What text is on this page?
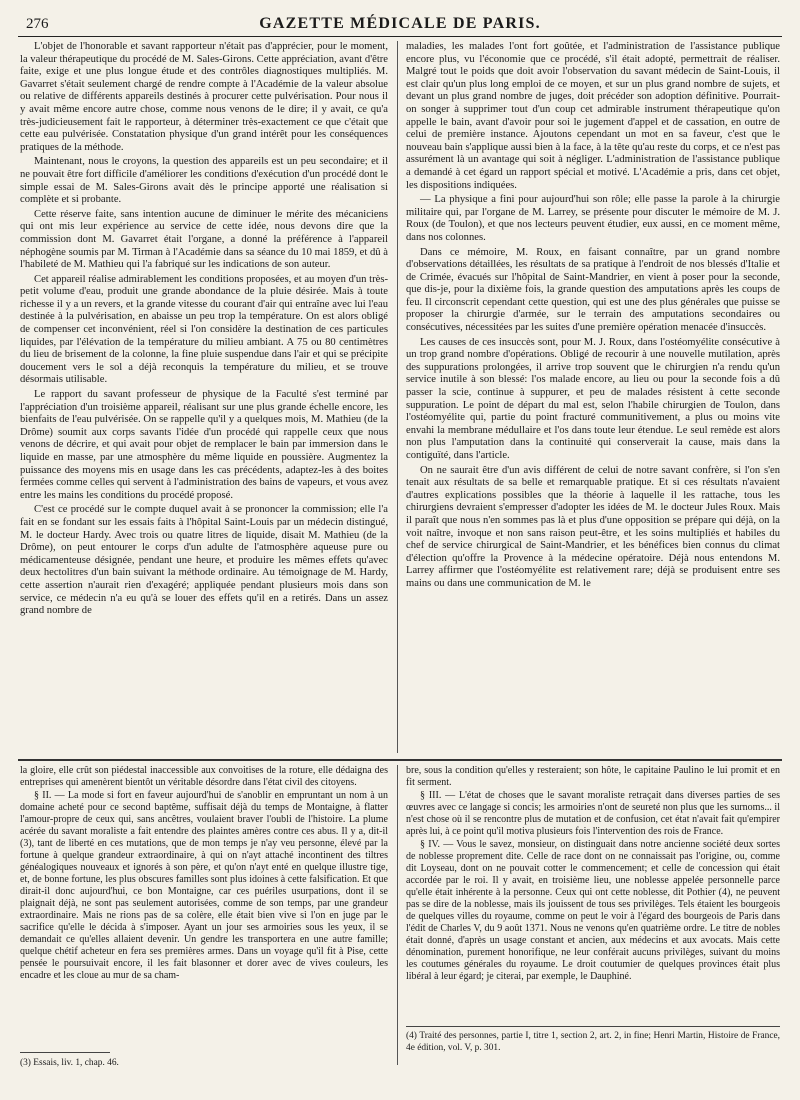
276	GAZETTE MÉDICALE DE PARIS.

L'objet de l'honorable et savant rapporteur n'était pas d'apprécier, pour le moment, la valeur thérapeutique du procédé de M. Sales-Girons. Cette appréciation, avant d'être faite, exige et une plus longue étude et des contrôles diagnostiques multipliés. M. Gavarret s'était seulement chargé de rendre compte à l'Académie de la valeur absolue ou relative de différents appareils destinés à procurer cette pulvérisation. Pour nous il y avait même encore autre chose, comme nous venons de le dire; il y avait, ce qu'a très-judicieusement fait le rapporteur, à déterminer très-exactement ce que c'était que cette eau pulvérisée. Constatation physique d'un grand intérêt pour les conséquences pratiques de la méthode.

Maintenant, nous le croyons, la question des appareils est un peu secondaire; et il ne pouvait être fort difficile d'améliorer les conditions d'exécution d'un procédé dont le simple essai de M. Sales-Girons avait dès le principe apporté une réalisation si complète et si probante.

Cette réserve faite, sans intention aucune de diminuer le mérite des mécaniciens qui ont mis leur expérience au service de cette idée, nous devons dire que la commission dont M. Gavarret était l'organe, a donné la préférence à l'appareil néphogène soumis par M. Tirman à l'Académie dans sa séance du 10 mai 1859, et dû à l'habileté de M. Mathieu qui l'a fabriqué sur les indications de son auteur.

Cet appareil réalise admirablement les conditions proposées, et au moyen d'un très-petit volume d'eau, produit une grande abondance de la pluie désirée. Mais à toute richesse il y a un revers, et la grande vitesse du courant d'air qui entraîne avec lui l'eau destinée à la pulvérisation, en abaisse un peu trop la température. On est alors obligé de compenser cet inconvénient, réel si l'on considère la destination de ces particules liquides, par l'élévation de la température du milieu ambiant. A 75 ou 80 centimètres du lieu de brisement de la colonne, la fine pluie suspendue dans l'air et qui se précipite doucement vers le sol a déjà reconquis la température du milieu, et se trouve désormais utilisable.

Le rapport du savant professeur de physique de la Faculté s'est terminé par l'appréciation d'un troisième appareil, réalisant sur une plus grande échelle encore, les bienfaits de l'eau pulvérisée. On se rappelle qu'il y a quelques mois, M. Mathieu (de la Drôme) soumit aux corps savants l'idée d'un procédé qui rappelle ceux que nous venons de décrire, et qui avait pour objet de remplacer le bain par immersion dans le liquide en masse, par une atmosphère du même liquide en poussière. Augmentez la puissance des moyens mis en usage dans les cas précédents, adaptez-les à des boites fermées comme celles qui servent à l'administration des bains de vapeurs, et vous avez entre les mains les conditions du procédé proposé.

C'est ce procédé sur le compte duquel avait à se prononcer la commission; elle l'a fait en se fondant sur les essais faits à l'hôpital Saint-Louis par un médecin distingué, M. le docteur Hardy. Avec trois ou quatre litres de liquide, disait M. Mathieu (de la Drôme), on peut entourer le corps d'un adulte de l'atmosphère aqueuse pure ou médicamenteuse désignée, pendant une heure, et produire les mêmes effets qu'avec deux hectolitres d'un bain suivant la méthode ordinaire. Au témoignage de M. Hardy, cette assertion n'aurait rien d'exagéré; appliquée pendant plusieurs mois dans son service, ce médecin n'a eu qu'à se louer des effets qu'il en a retirés. Dans un assez grand nombre de

maladies, les malades l'ont fort goûtée, et l'administration de l'assistance publique encore plus, vu l'économie que ce procédé, s'il était adopté, permettrait de réaliser. Malgré tout le poids que doit avoir l'observation du savant médecin de Saint-Louis, il est clair qu'un plus long emploi de ce moyen, et sur un plus grand nombre de sujets, et devant un plus grand nombre de juges, doit précéder son adoption définitive. Pourrait-on songer à supprimer tout d'un coup cet admirable instrument thérapeutique qu'on appelle le bain, avant d'avoir pour soi le jugement d'appel et de cassation, en outre de celui de première instance. Ajoutons cependant un mot en sa faveur, c'est que le nouveau bain s'applique aussi bien à la face, à la tête qu'au reste du corps, et ce n'est pas assurément là un avantage qui soit à négliger. L'administration de l'assistance publique a demandé à cet égard un rapport spécial et motivé. L'Académie a pris, dans cet objet, les dispositions indiquées.

— La physique a fini pour aujourd'hui son rôle; elle passe la parole à la chirurgie militaire qui, par l'organe de M. Larrey, se présente pour discuter le mémoire de M. J. Roux (de Toulon), et que nos lecteurs peuvent étudier, eux aussi, en ce moment même, dans nos colonnes.

Dans ce mémoire, M. Roux, en faisant connaître, par un grand nombre d'observations détaillées, les résultats de sa pratique à l'endroit de nos blessés d'Italie et de Crimée, évacués sur l'hôpital de Saint-Mandrier, en vient à poser pour la seconde, que dis-je, pour la dixième fois, la grande question des amputations après les coups de feu. Il circonscrit cependant cette question, qui est une des plus générales que puisse se proposer la chirurgie d'armée, sur le terrain des amputations secondaires ou consécutives, nécessitées par les suites d'une première opération menacée d'insuccès.

Les causes de ces insuccès sont, pour M. J. Roux, dans l'ostéomyélite consécutive à un trop grand nombre d'opérations. Obligé de recourir à une nouvelle mutilation, après des suppurations prolongées, il arrive trop souvent que le chirurgien n'a rendu qu'un service inutile à son blessé: l'os malade encore, au lieu ou pour la seconde fois a dû passer la scie, continue à suppurer, et peu de malades résistent à cette seconde suppuration. Le point de départ du mal est, selon l'habile chirurgien de Toulon, dans l'ostéomyélite qui, partie du point fracturé communitivement, a plus ou moins vite envahi la membrane médullaire et l'os dans toute leur étendue. Le seul remède est alors non plus l'amputation dans la continuité qui conserverait la cause, mais dans la contiguïté, dans l'article.

On ne saurait être d'un avis différent de celui de notre savant confrère, si l'on s'en tenait aux résultats de sa belle et remarquable pratique. Et si ces résultats n'avaient d'autres explications possibles que la théorie à laquelle il les rattache, tous les chirurgiens devraient s'empresser d'adopter les idées de M. le docteur Jules Roux. Mais il paraît que nous n'en sommes pas là et plus d'une opposition se prépare qui déjà, on la voit naître, invoque et non sans raison peut-être, et les soins multipliés et habiles du chef de service chirurgical de Saint-Mandrier, et les bénéfices bien connus du climat d'élection qu'offre la Provence à la médecine opératoire. Déjà nous entendons M. Larrey affirmer que l'ostéomyélite est relativement rare; déjà se produisent entre ses mains ou dans une communication de M. le

la gloire, elle crût son piédestal inaccessible aux convoitises de la roture, elle dédaigna des entreprises qui amenèrent bientôt un véritable désordre dans l'état civil des citoyens.

§ II. — La mode si fort en faveur aujourd'hui de s'anoblir en empruntant un nom à un domaine acheté pour ce second baptême, suffisait déjà du temps de Montaigne, à flatter l'amour-propre de ceux qui, sans ancêtres, voulaient braver l'oubli de l'histoire. La plume acérée du savant moraliste a fait entendre des plaintes amères contre ces abus. Il y a, dit-il (3), tant de liberté en ces mutations, que de mon temps je n'ay veu personne, élevé par la fortune à quelque grandeur extraordinaire, à qui on n'ayt attaché incontinent des tiltres généalogiques nouveaux et ignorés à son père, et qu'on n'ayt enté en quelque illustre tige, et, de bonne fortune, les plus obscures familles sont plus idoines à cette falsification. Et que dirait-il donc aujourd'hui, ce bon Montaigne, car ces puériles usurpations, dont il se plaignait déjà, ne sont pas seulement autorisées, comme de son temps, par une grandeur extraordinaire. Mais ne rions pas de sa colère, elle était bien vive si l'on en juge par le sacrifice qu'elle le décida à s'imposer. Ayant un jour ses armoiries sous les yeux, il se demandait ce qu'elles allaient devenir. Un gendre les transportera en une autre famille; quelque chétif acheteur en fera ses premières armes. Dans un voyage qu'il fit à Pise, cette pensée le poursuivait encore, il les fait blasonner et dorer avec de vives couleurs, les encadre et les cloue au mur de sa cham-

bre, sous la condition qu'elles y resteraient; son hôte, le capitaine Paulino le lui promit et en fit serment.

§ III. — L'état de choses que le savant moraliste retraçait dans diverses parties de ses œuvres avec ce langage si concis; les armoiries n'ont de seureté non plus que les surnoms... il n'est chose où il se rencontre plus de mutation et de confusion, cet état n'avait fait qu'empirer après lui, à ce point qu'il motiva plusieurs fois l'intervention des rois de France.

§ IV. — Vous le savez, monsieur, on distinguait dans notre ancienne société deux sortes de noblesse proprement dite. Celle de race dont on ne connaissait pas l'origine, ou, comme dit Loyseau, dont on ne pouvait cotter le commencement; et celle de concession qui était accordée par le roi. Il y avait, en troisième lieu, une noblesse appelée personnelle parce qu'elle était inhérente à la personne. Ceux qui ont cette noblesse, dit Pothier (4), ne peuvent pas se dire de la noblesse, mais ils jouissent de tous ses privilèges. Tels étaient les bourgeois de quelques villes du royaume, comme on peut le voir à l'égard des bourgeois de Paris dans l'édit de Charles V, du 9 août 1371. Nous ne venons qu'en quatrième ordre. Le titre de nobles était donné, d'après un usage constant et ancien, aux médecins et aux avocats. Mais cette dénomination, purement honorifique, ne leur conférait aucuns privilèges, suivant du moins les coutumes générales du royaume. Le droit coutumier de quelques provinces était plus libéral à leur égard; je citerai, par exemple, le Dauphiné.

(3) Essais, liv. 1, chap. 46.
(4) Traité des personnes, partie I, titre 1, section 2, art. 2, in fine; Henri Martin, Histoire de France, 4e édition, vol. V, p. 301.
